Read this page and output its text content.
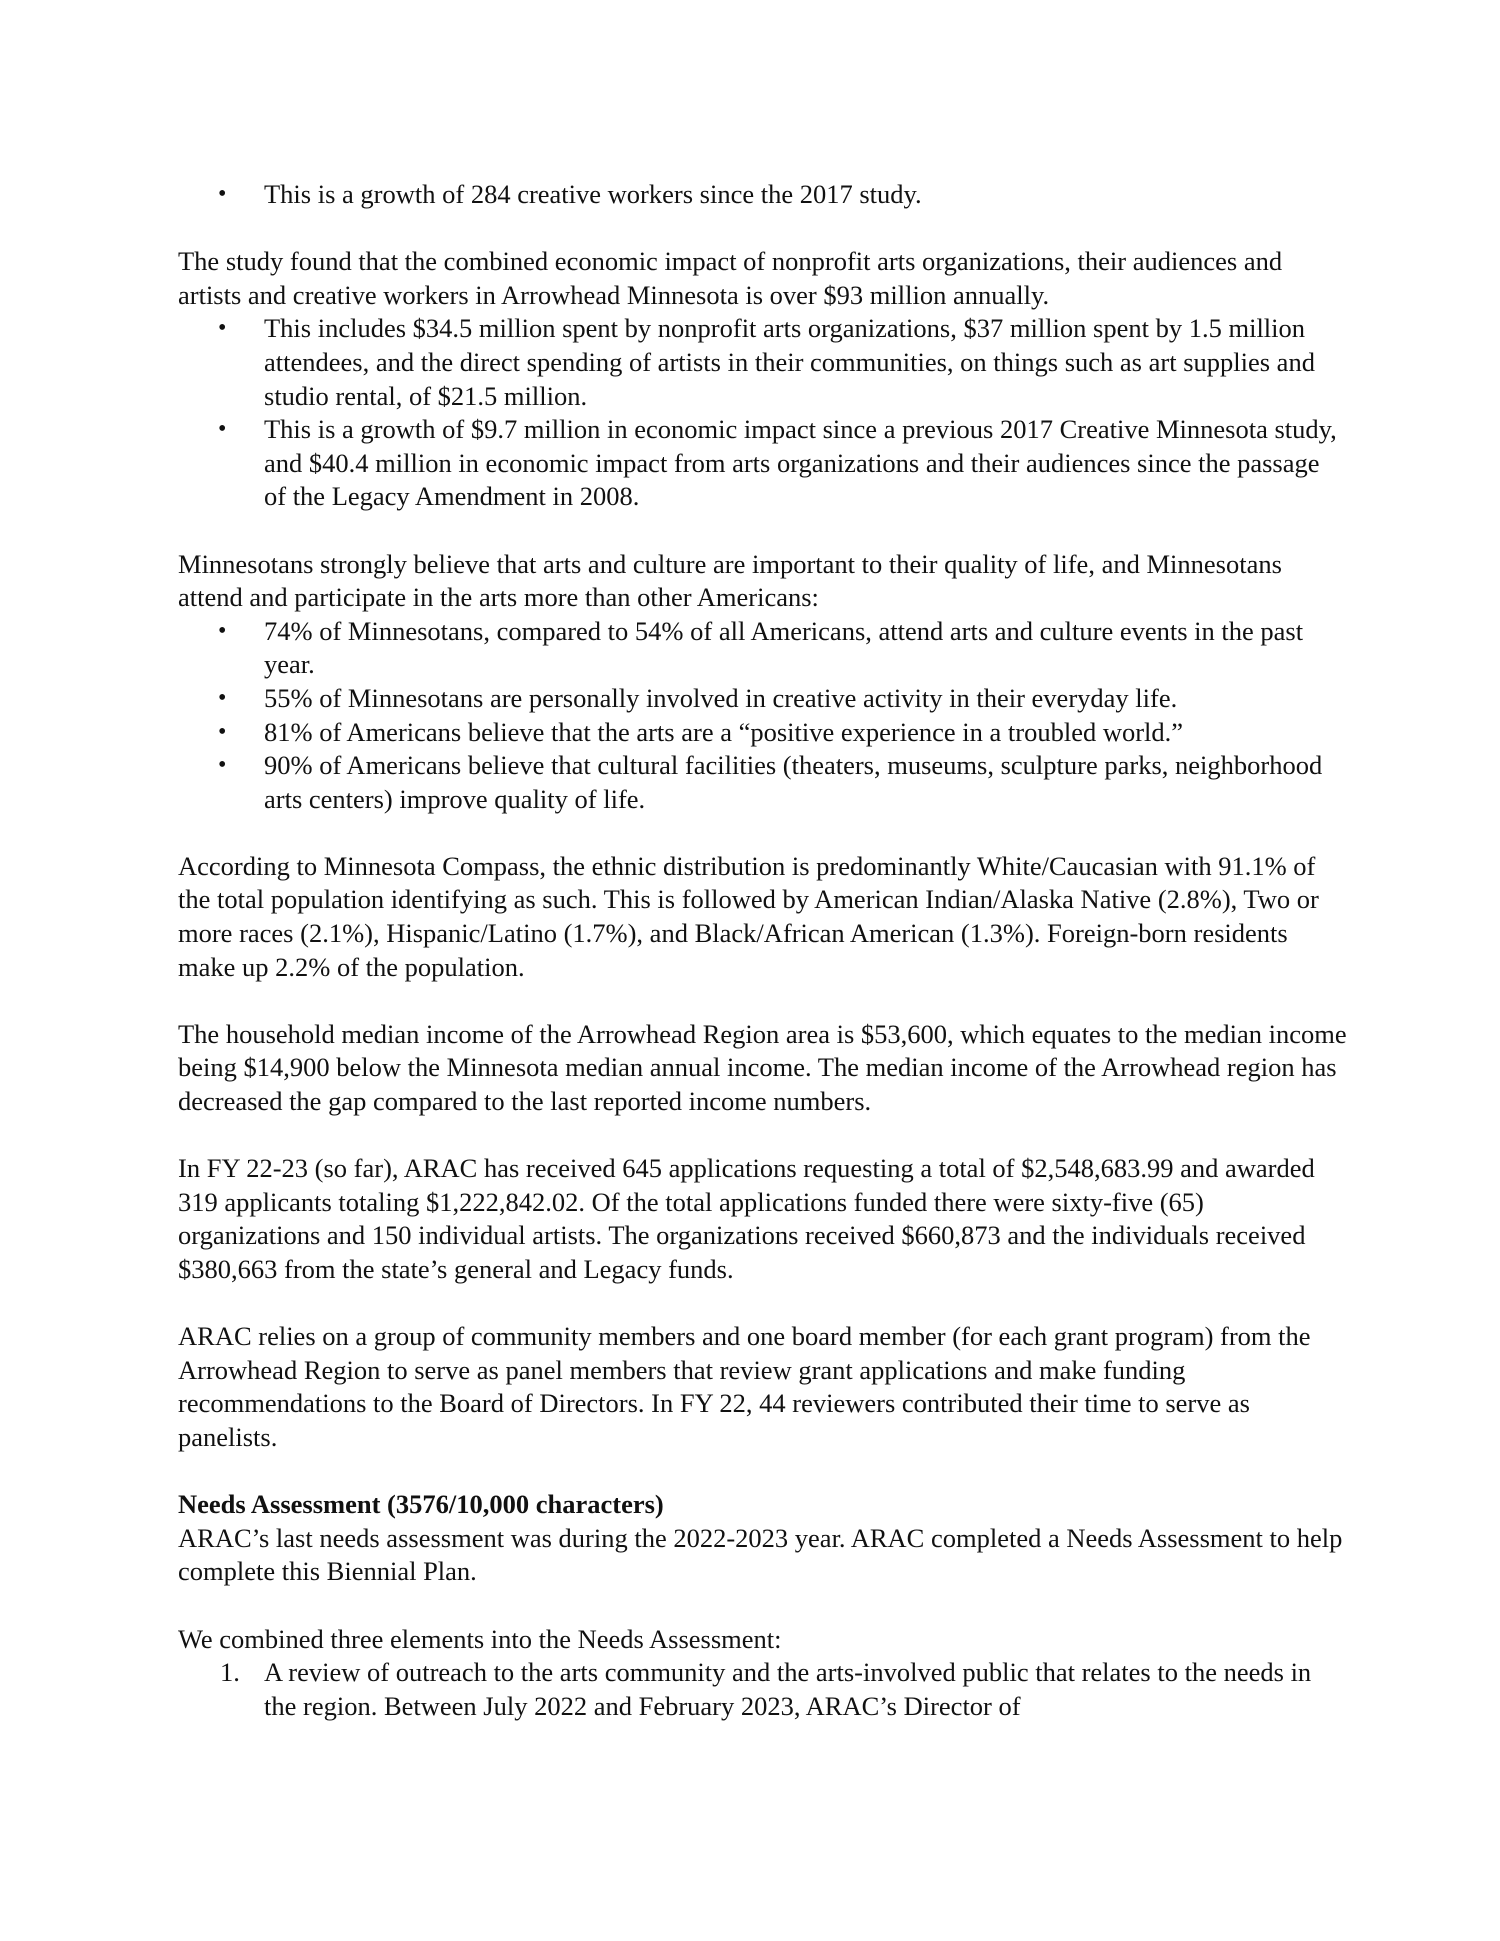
• This is a growth of 284 creative workers since the 2017 study.

The study found that the combined economic impact of nonprofit arts organizations, their audiences and artists and creative workers in Arrowhead Minnesota is over $93 million annually.

• This includes $34.5 million spent by nonprofit arts organizations, $37 million spent by 1.5 million attendees, and the direct spending of artists in their communities, on things such as art supplies and studio rental, of $21.5 million.
• This is a growth of $9.7 million in economic impact since a previous 2017 Creative Minnesota study, and $40.4 million in economic impact from arts organizations and their audiences since the passage of the Legacy Amendment in 2008.

Minnesotans strongly believe that arts and culture are important to their quality of life, and Minnesotans attend and participate in the arts more than other Americans:

• 74% of Minnesotans, compared to 54% of all Americans, attend arts and culture events in the past year.
• 55% of Minnesotans are personally involved in creative activity in their everyday life.
• 81% of Americans believe that the arts are a “positive experience in a troubled world.”
• 90% of Americans believe that cultural facilities (theaters, museums, sculpture parks, neighborhood arts centers) improve quality of life.

According to Minnesota Compass, the ethnic distribution is predominantly White/Caucasian with 91.1% of the total population identifying as such. This is followed by American Indian/Alaska Native (2.8%), Two or more races (2.1%), Hispanic/Latino (1.7%), and Black/African American (1.3%). Foreign-born residents make up 2.2% of the population.

The household median income of the Arrowhead Region area is $53,600, which equates to the median income being $14,900 below the Minnesota median annual income. The median income of the Arrowhead region has decreased the gap compared to the last reported income numbers.

In FY 22-23 (so far), ARAC has received 645 applications requesting a total of $2,548,683.99 and awarded 319 applicants totaling $1,222,842.02. Of the total applications funded there were sixty-five (65) organizations and 150 individual artists. The organizations received $660,873 and the individuals received $380,663 from the state’s general and Legacy funds.

ARAC relies on a group of community members and one board member (for each grant program) from the Arrowhead Region to serve as panel members that review grant applications and make funding recommendations to the Board of Directors. In FY 22, 44 reviewers contributed their time to serve as panelists.

Needs Assessment (3576/10,000 characters)

ARAC’s last needs assessment was during the 2022-2023 year. ARAC completed a Needs Assessment to help complete this Biennial Plan.

We combined three elements into the Needs Assessment:

1. A review of outreach to the arts community and the arts-involved public that relates to the needs in the region. Between July 2022 and February 2023, ARAC’s Director of
